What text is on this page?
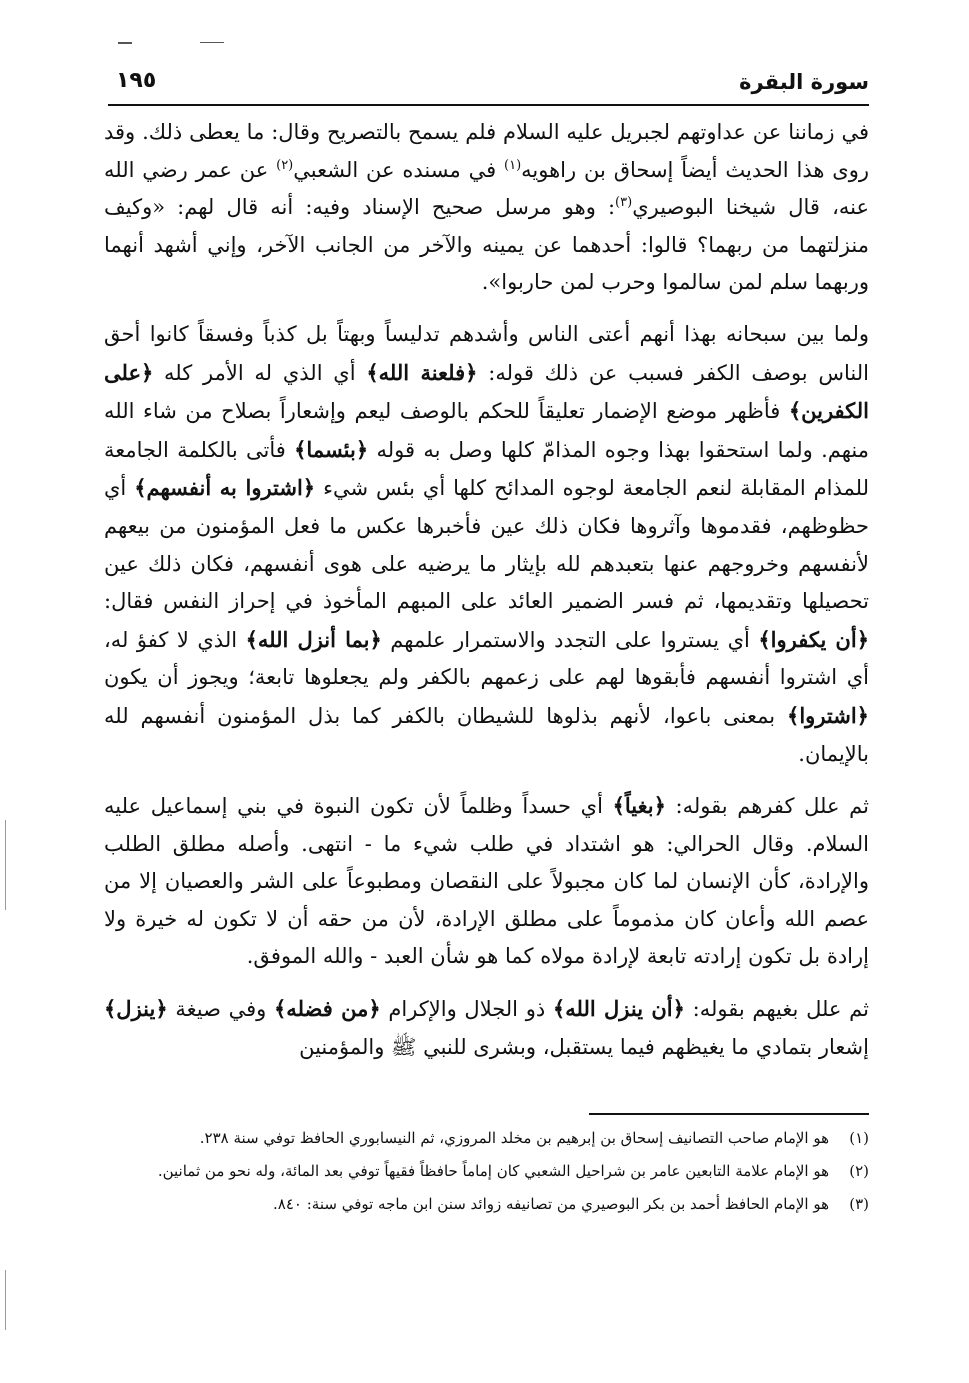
سورة البقرة
١٩٥

في زماننا عن عداوتهم لجبريل عليه السلام فلم يسمح بالتصريح وقال: ما يعطى ذلك. وقد روى هذا الحديث أيضاً إسحاق بن راهويه$^{(١)}$ في مسنده عن الشعبي$^{(٢)}$ عن عمر رضي الله عنه، قال شيخنا البوصيري$^{(٣)}$: وهو مرسل صحيح الإسناد وفيه: أنه قال لهم: «وكيف منزلتهما من ربهما؟ قالوا: أحدهما عن يمينه والآخر من الجانب الآخر، وإني أشهد أنهما وربهما سلم لمن سالموا وحرب لمن حاربوا».

ولما بين سبحانه بهذا أنهم أعتى الناس وأشدهم تدليساً وبهتاً بل كذباً وفسقاً كانوا أحق الناس بوصف الكفر فسبب عن ذلك قوله: ﴿فلعنة الله﴾ أي الذي له الأمر كله ﴿على الكفرين﴾ فأظهر موضع الإضمار تعليقاً للحكم بالوصف ليعم وإشعاراً بصلاح من شاء الله منهم. ولما استحقوا بهذا وجوه المذامّ كلها وصل به قوله ﴿بئسما﴾ فأتى بالكلمة الجامعة للمذام المقابلة لنعم الجامعة لوجوه المدائح كلها أي بئس شيء ﴿اشتروا به أنفسهم﴾ أي حظوظهم، فقدموها وآثروها فكان ذلك عين فأخبرها عكس ما فعل المؤمنون من بيعهم لأنفسهم وخروجهم عنها بتعبدهم لله بإيثار ما يرضيه على هوى أنفسهم، فكان ذلك عين تحصيلها وتقديمها، ثم فسر الضمير العائد على المبهم المأخوذ في إحراز النفس فقال: ﴿أن يكفروا﴾ أي يستروا على التجدد والاستمرار علمهم ﴿بما أنزل الله﴾ الذي لا كفؤ له، أي اشتروا أنفسهم فأبقوها لهم على زعمهم بالكفر ولم يجعلوها تابعة؛ ويجوز أن يكون ﴿اشتروا﴾ بمعنى باعوا، لأنهم بذلوها للشيطان بالكفر كما بذل المؤمنون أنفسهم لله بالإيمان.

ثم علل كفرهم بقوله: ﴿بغياً﴾ أي حسداً وظلماً لأن تكون النبوة في بني إسماعيل عليه السلام. وقال الحرالي: هو اشتداد في طلب شيء ما - انتهى. وأصله مطلق الطلب والإرادة، كأن الإنسان لما كان مجبولاً على النقصان ومطبوعاً على الشر والعصيان إلا من عصم الله وأعان كان مذموماً على مطلق الإرادة، لأن من حقه أن لا تكون له خيرة ولا إرادة بل تكون إرادته تابعة لإرادة مولاه كما هو شأن العبد - والله الموفق.

ثم علل بغيهم بقوله: ﴿أن ينزل الله﴾ ذو الجلال والإكرام ﴿من فضله﴾ وفي صيغة ﴿ينزل﴾ إشعار بتمادي ما يغيظهم فيما يستقبل، وبشرى للنبي ﷺ والمؤمنين

(١)
هو الإمام صاحب التصانيف إسحاق بن إبرهيم بن مخلد المروزي، ثم النيسابوري الحافظ توفي سنة ٢٣٨.
(٢)
هو الإمام علامة التابعين عامر بن شراحيل الشعبي كان إماماً حافظاً فقيهاً توفي بعد المائة، وله نحو من ثمانين.
(٣)
هو الإمام الحافظ أحمد بن بكر البوصيري من تصانيفه زوائد سنن ابن ماجه توفي سنة: ٨٤٠.
